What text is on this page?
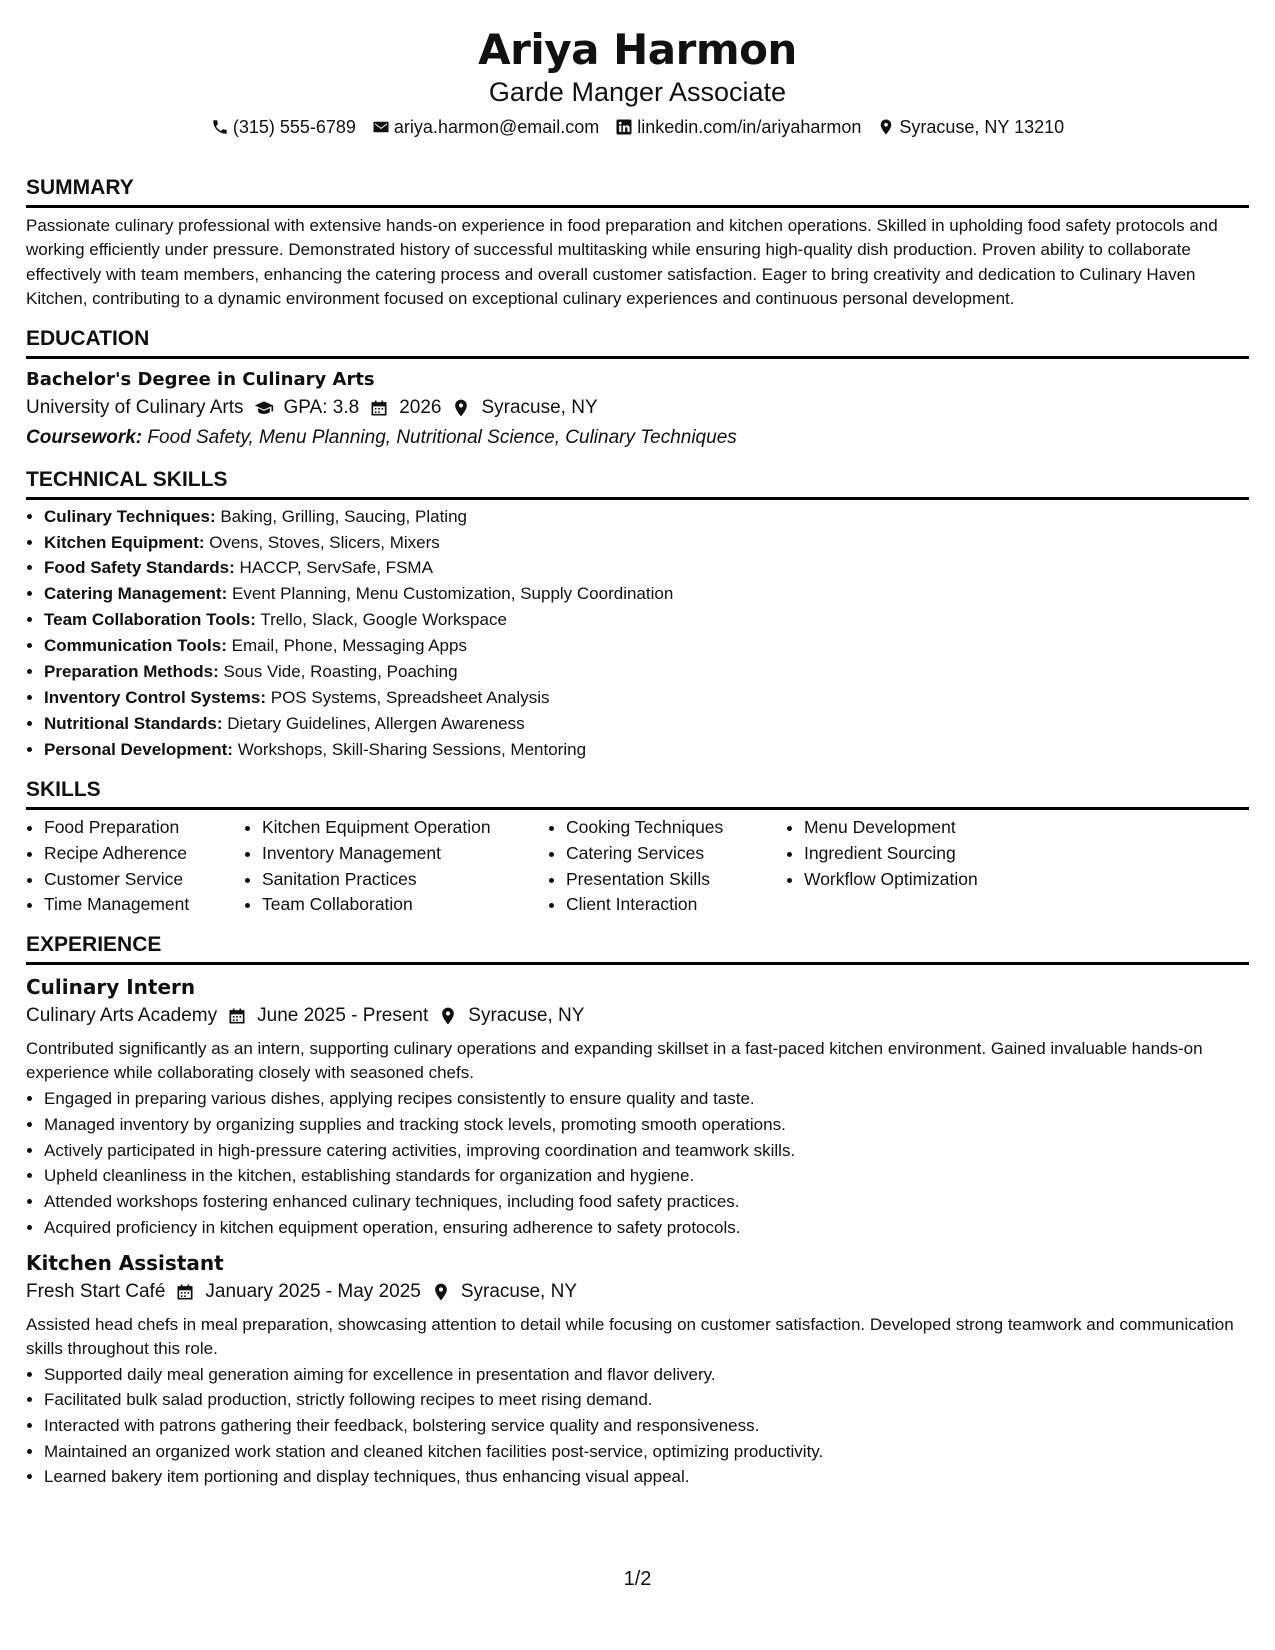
Ariya Harmon
Garde Manger Associate
(315) 555-6789 ariya.harmon@email.com linkedin.com/in/ariyaharmon Syracuse, NY 13210
SUMMARY
Passionate culinary professional with extensive hands-on experience in food preparation and kitchen operations. Skilled in upholding food safety protocols and working efficiently under pressure. Demonstrated history of successful multitasking while ensuring high-quality dish production. Proven ability to collaborate effectively with team members, enhancing the catering process and overall customer satisfaction. Eager to bring creativity and dedication to Culinary Haven Kitchen, contributing to a dynamic environment focused on exceptional culinary experiences and continuous personal development.
EDUCATION
Bachelor's Degree in Culinary Arts
University of Culinary Arts GPA: 3.8 2026 Syracuse, NY
Coursework: Food Safety, Menu Planning, Nutritional Science, Culinary Techniques
TECHNICAL SKILLS
• Culinary Techniques: Baking, Grilling, Saucing, Plating
• Kitchen Equipment: Ovens, Stoves, Slicers, Mixers
• Food Safety Standards: HACCP, ServSafe, FSMA
• Catering Management: Event Planning, Menu Customization, Supply Coordination
• Team Collaboration Tools: Trello, Slack, Google Workspace
• Communication Tools: Email, Phone, Messaging Apps
• Preparation Methods: Sous Vide, Roasting, Poaching
• Inventory Control Systems: POS Systems, Spreadsheet Analysis
• Nutritional Standards: Dietary Guidelines, Allergen Awareness
• Personal Development: Workshops, Skill-Sharing Sessions, Mentoring
SKILLS
• Food Preparation
• Recipe Adherence
• Customer Service
• Time Management
• Kitchen Equipment Operation
• Inventory Management
• Sanitation Practices
• Team Collaboration
• Cooking Techniques
• Catering Services
• Presentation Skills
• Client Interaction
• Menu Development
• Ingredient Sourcing
• Workflow Optimization
EXPERIENCE
Culinary Intern
Culinary Arts Academy June 2025 - Present Syracuse, NY
Contributed significantly as an intern, supporting culinary operations and expanding skillset in a fast-paced kitchen environment. Gained invaluable hands-on experience while collaborating closely with seasoned chefs.
• Engaged in preparing various dishes, applying recipes consistently to ensure quality and taste.
• Managed inventory by organizing supplies and tracking stock levels, promoting smooth operations.
• Actively participated in high-pressure catering activities, improving coordination and teamwork skills.
• Upheld cleanliness in the kitchen, establishing standards for organization and hygiene.
• Attended workshops fostering enhanced culinary techniques, including food safety practices.
• Acquired proficiency in kitchen equipment operation, ensuring adherence to safety protocols.
Kitchen Assistant
Fresh Start Café January 2025 - May 2025 Syracuse, NY
Assisted head chefs in meal preparation, showcasing attention to detail while focusing on customer satisfaction. Developed strong teamwork and communication skills throughout this role.
• Supported daily meal generation aiming for excellence in presentation and flavor delivery.
• Facilitated bulk salad production, strictly following recipes to meet rising demand.
• Interacted with patrons gathering their feedback, bolstering service quality and responsiveness.
• Maintained an organized work station and cleaned kitchen facilities post-service, optimizing productivity.
• Learned bakery item portioning and display techniques, thus enhancing visual appeal.
1/2
